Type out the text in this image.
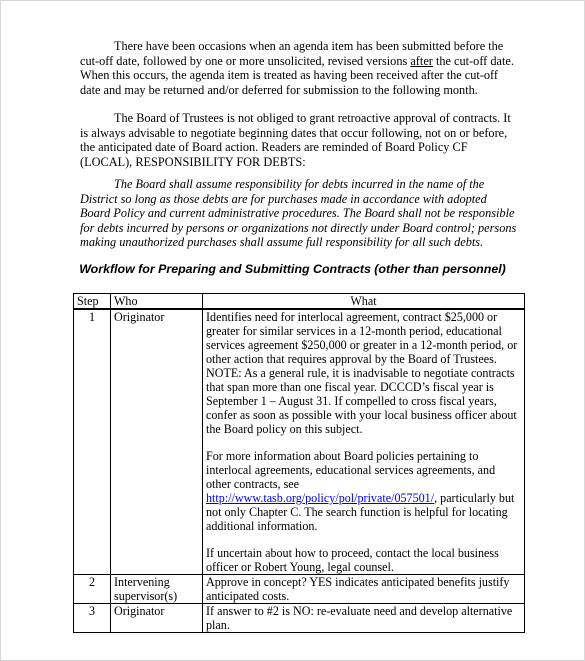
There have been occasions when an agenda item has been submitted before the cut-off date, followed by one or more unsolicited, revised versions after the cut-off date. When this occurs, the agenda item is treated as having been received after the cut-off date and may be returned and/or deferred for submission to the following month.

The Board of Trustees is not obliged to grant retroactive approval of contracts. It is always advisable to negotiate beginning dates that occur following, not on or before, the anticipated date of Board action. Readers are reminded of Board Policy CF (LOCAL), RESPONSIBILITY FOR DEBTS:

The Board shall assume responsibility for debts incurred in the name of the District so long as those debts are for purchases made in accordance with adopted Board Policy and current administrative procedures. The Board shall not be responsible for debts incurred by persons or organizations not directly under Board control; persons making unauthorized purchases shall assume full responsibility for all such debts.

Workflow for Preparing and Submitting Contracts (other than personnel)
Step	Who	What
1	Originator	Identifies need for interlocal agreement, contract $25,000 or greater for similar services in a 12-month period, educational services agreement $250,000 or greater in a 12-month period, or other action that requires approval by the Board of Trustees. NOTE: As a general rule, it is inadvisable to negotiate contracts that span more than one fiscal year. DCCCD’s fiscal year is September 1 – August 31. If compelled to cross fiscal years, confer as soon as possible with your local business officer about the Board policy on this subject.
For more information about Board policies pertaining to interlocal agreements, educational services agreements, and other contracts, see http://www.tasb.org/policy/pol/private/057501/, particularly but not only Chapter C. The search function is helpful for locating additional information.
If uncertain about how to proceed, contact the local business officer or Robert Young, legal counsel.

2	Intervening supervisor(s)	Approve in concept? YES indicates anticipated benefits justify anticipated costs.
3	Originator	If answer to #2 is NO: re-evaluate need and develop alternative plan.
